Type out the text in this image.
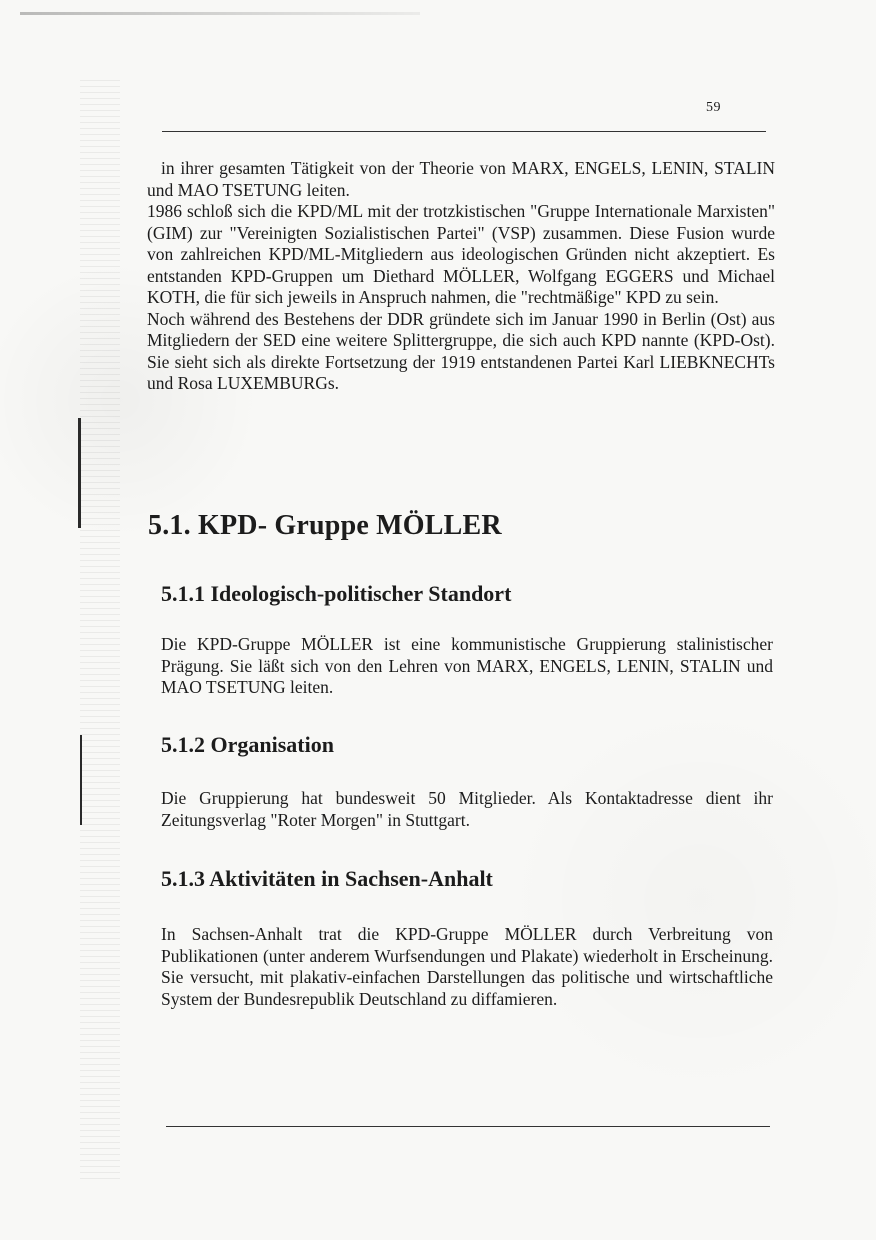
59

in ihrer gesamten Tätigkeit von der Theorie von MARX, ENGELS, LENIN, STALIN und MAO TSETUNG leiten.

1986 schloß sich die KPD/ML mit der trotzkistischen "Gruppe Internationale Marxisten" (GIM) zur "Vereinigten Sozialistischen Partei" (VSP) zusammen. Diese Fusion wurde von zahlreichen KPD/ML-Mitgliedern aus ideologischen Gründen nicht akzeptiert. Es entstanden KPD-Gruppen um Diethard MÖLLER, Wolfgang EGGERS und Michael KOTH, die für sich jeweils in Anspruch nahmen, die "rechtmäßige" KPD zu sein.

Noch während des Bestehens der DDR gründete sich im Januar 1990 in Berlin (Ost) aus Mitgliedern der SED eine weitere Splittergruppe, die sich auch KPD nannte (KPD-Ost). Sie sieht sich als direkte Fortsetzung der 1919 entstandenen Partei Karl LIEBKNECHTs und Rosa LUXEMBURGs.

5.1. KPD- Gruppe MÖLLER
5.1.1 Ideologisch-politischer Standort

Die KPD-Gruppe MÖLLER ist eine kommunistische Gruppierung stalinistischer Prägung. Sie läßt sich von den Lehren von MARX, ENGELS, LENIN, STALIN und MAO TSETUNG leiten.

5.1.2 Organisation

Die Gruppierung hat bundesweit 50 Mitglieder. Als Kontaktadresse dient ihr Zeitungsverlag "Roter Morgen" in Stuttgart.

5.1.3 Aktivitäten in Sachsen-Anhalt

In Sachsen-Anhalt trat die KPD-Gruppe MÖLLER durch Verbreitung von Publikationen (unter anderem Wurfsendungen und Plakate) wiederholt in Erscheinung. Sie versucht, mit plakativ-einfachen Darstellungen das politische und wirtschaftliche System der Bundesrepublik Deutschland zu diffamieren.
